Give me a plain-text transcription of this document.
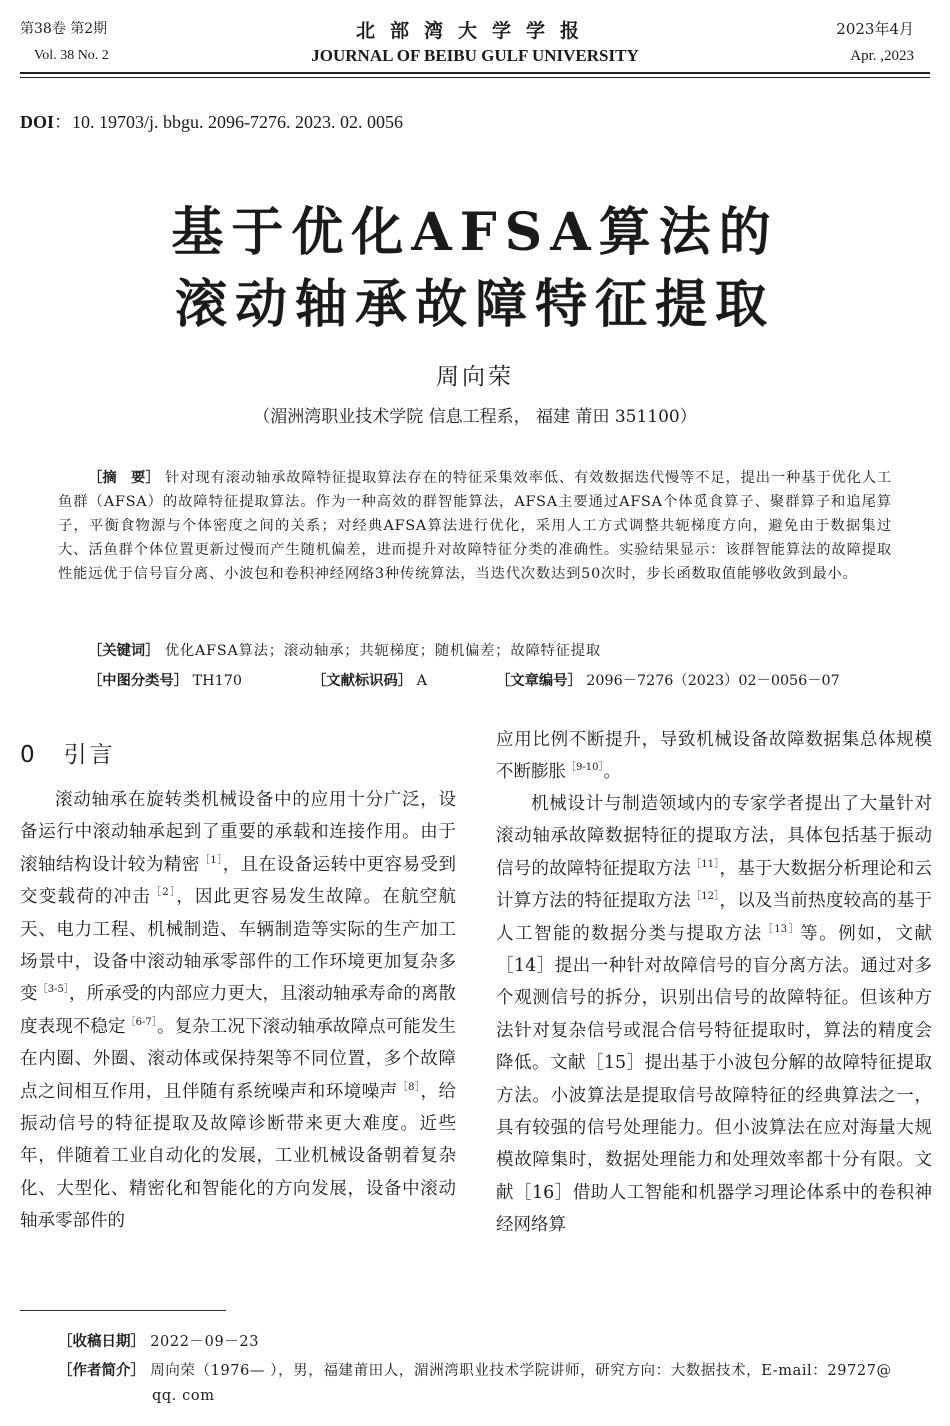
第38卷 第2期
Vol. 38 No. 2
北部湾大学学报
JOURNAL OF BEIBU GULF UNIVERSITY
2023年4月
Apr. ,2023
DOI：10. 19703/j. bbgu. 2096-7276. 2023. 02. 0056
基于优化AFSA算法的
滚动轴承故障特征提取
周向荣
（湄洲湾职业技术学院 信息工程系， 福建 莆田 351100）
［摘　要］ 针对现有滚动轴承故障特征提取算法存在的特征采集效率低、有效数据迭代慢等不足，提出一种基于优化人工鱼群（AFSA）的故障特征提取算法。作为一种高效的群智能算法，AFSA主要通过AFSA个体觅食算子、聚群算子和追尾算子，平衡食物源与个体密度之间的关系；对经典AFSA算法进行优化，采用人工方式调整共轭梯度方向，避免由于数据集过大、活鱼群个体位置更新过慢而产生随机偏差，进而提升对故障特征分类的准确性。实验结果显示：该群智能算法的故障提取性能远优于信号盲分离、小波包和卷积神经网络3种传统算法，当迭代次数达到50次时，步长函数取值能够收敛到最小。
［关键词］ 优化AFSA算法；滚动轴承；共轭梯度；随机偏差；故障特征提取
［中图分类号］ TH170	［文献标识码］ A	［文章编号］ 2096－7276（2023）02－0056－07
0　 引言
滚动轴承在旋转类机械设备中的应用十分广泛，设备运行中滚动轴承起到了重要的承载和连接作用。由于滚轴结构设计较为精密$^{[1]}$，且在设备运转中更容易受到交变载荷的冲击$^{[2]}$，因此更容易发生故障。在航空航天、电力工程、机械制造、车辆制造等实际的生产加工场景中，设备中滚动轴承零部件的工作环境更加复杂多变$^{[3-5]}$，所承受的内部应力更大，且滚动轴承寿命的离散度表现不稳定$^{[6-7]}$。复杂工况下滚动轴承故障点可能发生在内圈、外圈、滚动体或保持架等不同位置，多个故障点之间相互作用，且伴随有系统噪声和环境噪声$^{[8]}$，给振动信号的特征提取及故障诊断带来更大难度。近些年，伴随着工业自动化的发展，工业机械设备朝着复杂化、大型化、精密化和智能化的方向发展，设备中滚动轴承零部件的
应用比例不断提升，导致机械设备故障数据集总体规模不断膨胀$^{[9-10]}$。
机械设计与制造领域内的专家学者提出了大量针对滚动轴承故障数据特征的提取方法，具体包括基于振动信号的故障特征提取方法$^{[11]}$，基于大数据分析理论和云计算方法的特征提取方法$^{[12]}$，以及当前热度较高的基于人工智能的数据分类与提取方法$^{[13]}$等。例如，文献［14］提出一种针对故障信号的盲分离方法。通过对多个观测信号的拆分，识别出信号的故障特征。但该种方法针对复杂信号或混合信号特征提取时，算法的精度会降低。文献［15］提出基于小波包分解的故障特征提取方法。小波算法是提取信号故障特征的经典算法之一，具有较强的信号处理能力。但小波算法在应对海量大规模故障集时，数据处理能力和处理效率都十分有限。文献［16］借助人工智能和机器学习理论体系中的卷积神经网络算
［收稿日期］ 2022－09－23
［作者简介］ 周向荣（1976— ），男，福建莆田人，湄洲湾职业技术学院讲师，研究方向：大数据技术，E-mail：29727@
qq. com
